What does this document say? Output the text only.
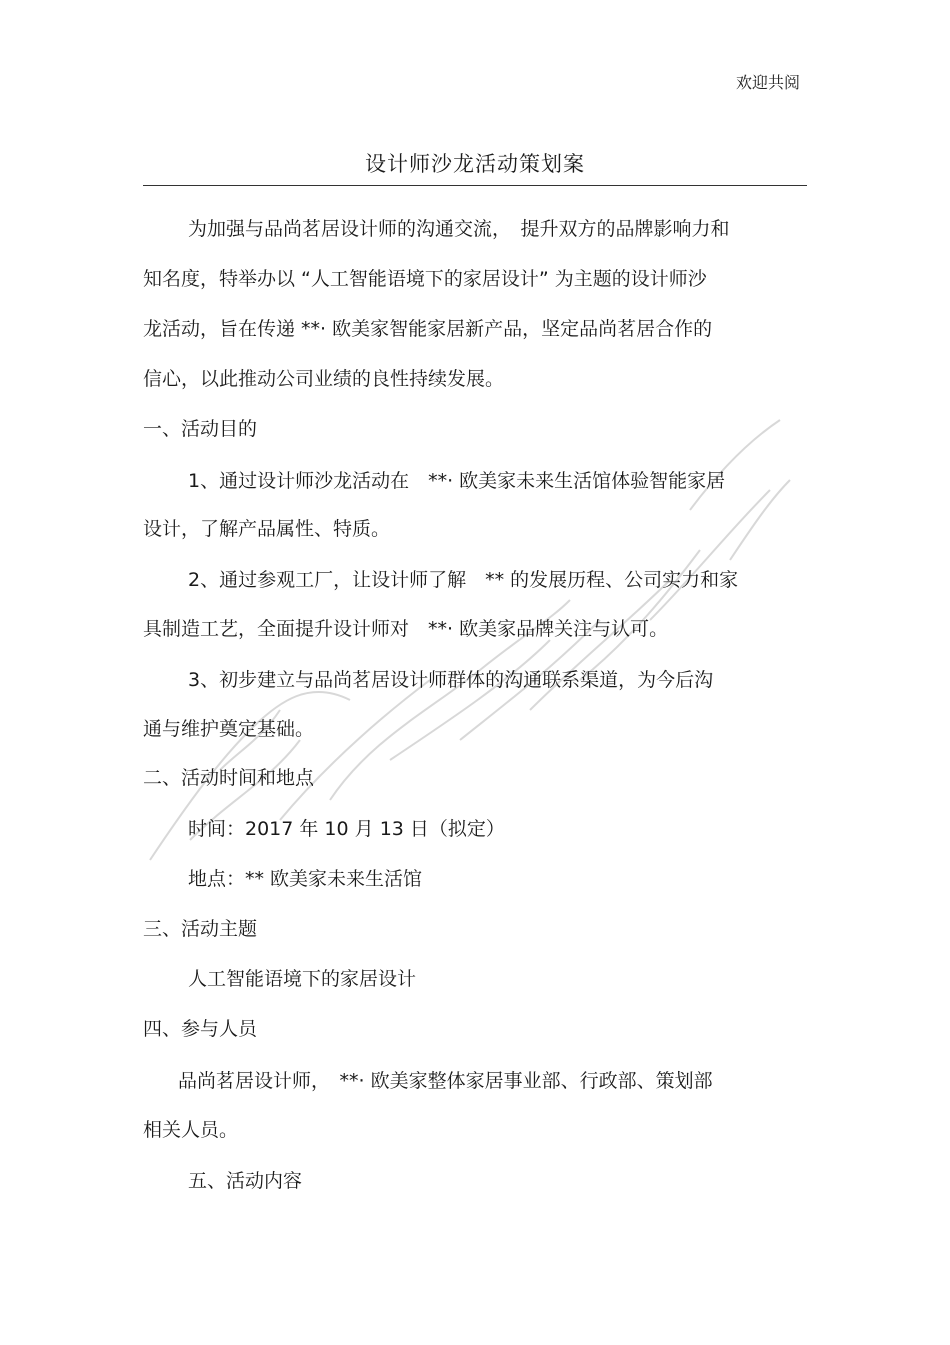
欢迎共阅
设计师沙龙活动策划案
为加强与品尚茗居设计师的沟通交流，　提升双方的品牌影响力和
知名度，特举办以 “人工智能语境下的家居设计” 为主题的设计师沙
龙活动，旨在传递 **· 欧美家智能家居新产品，坚定品尚茗居合作的
信心，以此推动公司业绩的良性持续发展。
一、活动目的
1、通过设计师沙龙活动在　**· 欧美家未来生活馆体验智能家居
设计，了解产品属性、特质。
2、通过参观工厂，让设计师了解　** 的发展历程、公司实力和家
具制造工艺，全面提升设计师对　**· 欧美家品牌关注与认可。
3、初步建立与品尚茗居设计师群体的沟通联系渠道，为今后沟
通与维护奠定基础。
二、活动时间和地点
时间：2017 年 10 月 13 日（拟定）
地点：** 欧美家未来生活馆
三、活动主题
人工智能语境下的家居设计
四、参与人员
品尚茗居设计师，　**· 欧美家整体家居事业部、行政部、策划部
相关人员。
五、活动内容
